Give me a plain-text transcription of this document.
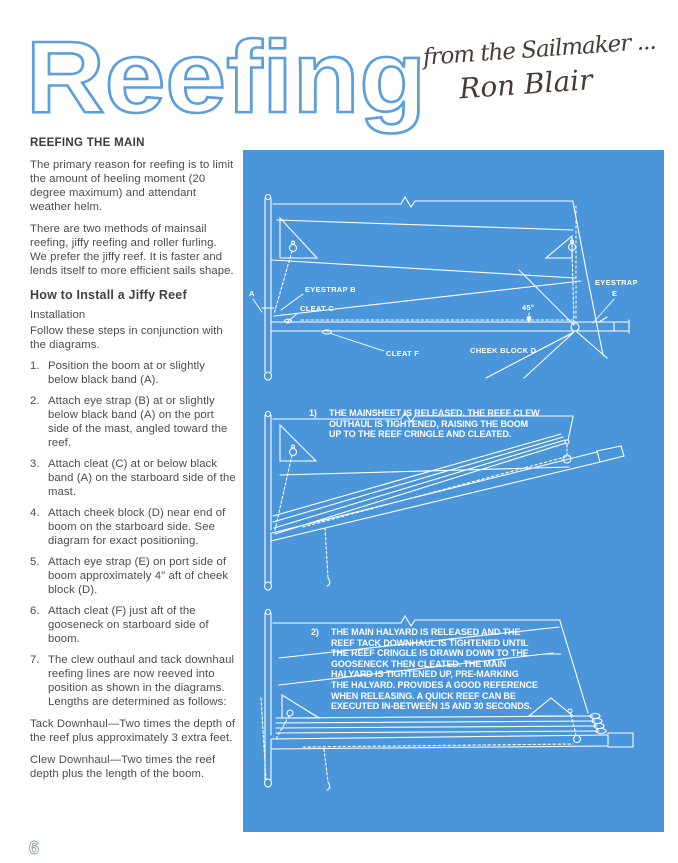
Reefing
from the Sailmaker ...
Ron Blair
REEFING THE MAIN

The primary reason for reefing is to limit the amount of heeling moment (20 degree maximum) and attendant weather helm.

There are two methods of mainsail reefing, jiffy reefing and roller furling. We prefer the jiffy reef. It is faster and lends itself to more efficient sails shape.

How to Install a Jiffy Reef

Installation

Follow these steps in conjunction with the diagrams.

1. Position the boom at or slightly below black band (A).
2. Attach eye strap (B) at or slightly below black band (A) on the port side of the mast, angled toward the reef.
3. Attach cleat (C) at or below black band (A) on the starboard side of the mast.
4. Attach cheek block (D) near end of boom on the starboard side. See diagram for exact positioning.
5. Attach eye strap (E) on port side of boom approximately 4" aft of cheek block (D).
6. Attach cleat (F) just aft of the gooseneck on starboard side of boom.
7. The clew outhaul and tack downhaul reefing lines are now reeved into position as shown in the diagrams. Lengths are determined as follows:

Tack Downhaul—Two times the depth of the reef plus approximately 3 extra feet.

Clew Downhaul—Two times the reef depth plus the length of the boom.

6
A	EYESTRAP B
CLEAT C
CLEAT F	CHEEK BLOCK D
45°
EYESTRAP
E
1)	THE MAINSHEET IS RELEASED. THE REEF CLEW
OUTHAUL IS TIGHTENED, RAISING THE BOOM
UP TO THE REEF CRINGLE AND CLEATED.
2)	THE MAIN HALYARD IS RELEASED AND THE
REEF TACK DOWNHAUL IS TIGHTENED UNTIL
THE REEF CRINGLE IS DRAWN DOWN TO THE
GOOSENECK THEN CLEATED. THE MAIN
HALYARD IS TIGHTENED UP, PRE-MARKING
THE HALYARD. PROVIDES A GOOD REFERENCE
WHEN RELEASING. A QUICK REEF CAN BE
EXECUTED IN-BETWEEN 15 AND 30 SECONDS.
